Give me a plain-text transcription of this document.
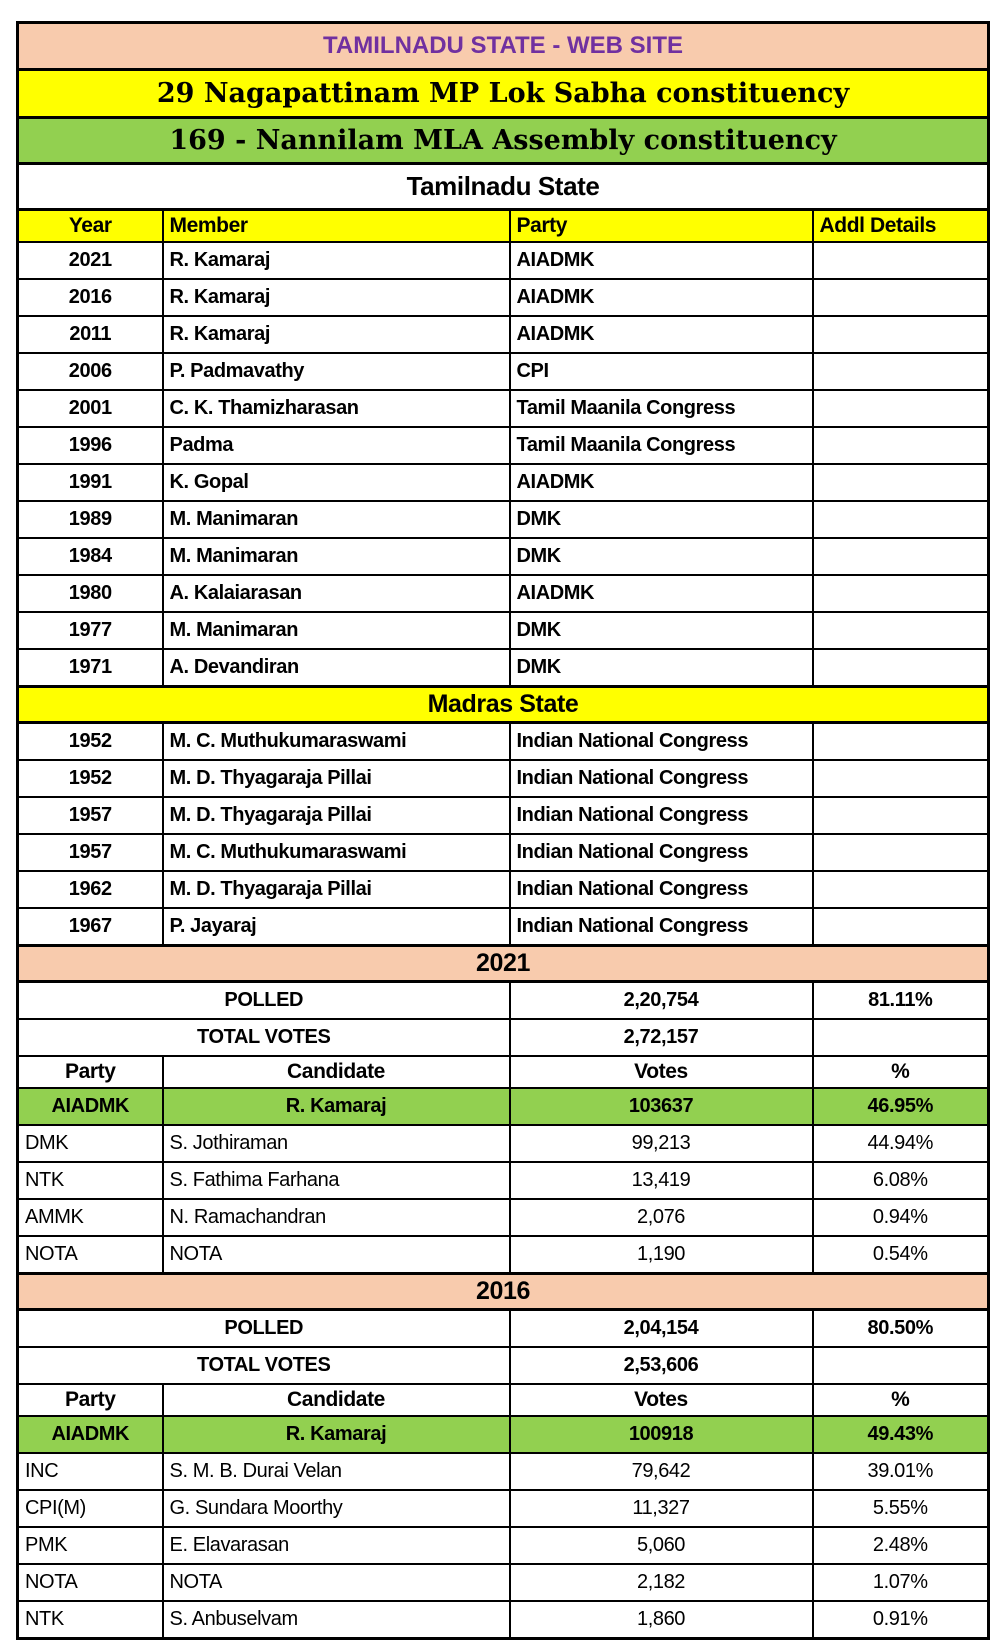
TAMILNADU STATE - WEB SITE			
29 Nagapattinam MP Lok Sabha constituency			
169 - Nannilam MLA Assembly constituency			
Tamilnadu State			
Year	Member	Party	Addl Details
2021	R. Kamaraj	AIADMK	
2016	R. Kamaraj	AIADMK	
2011	R. Kamaraj	AIADMK	
2006	P. Padmavathy	CPI	
2001	C. K. Thamizharasan	Tamil Maanila Congress	
1996	Padma	Tamil Maanila Congress	
1991	K. Gopal	AIADMK	
1989	M. Manimaran	DMK	
1984	M. Manimaran	DMK	
1980	A. Kalaiarasan	AIADMK	
1977	M. Manimaran	DMK	
1971	A. Devandiran	DMK	
Madras State			
1952	M. C. Muthukumaraswami	Indian National Congress	
1952	M. D. Thyagaraja Pillai	Indian National Congress	
1957	M. D. Thyagaraja Pillai	Indian National Congress	
1957	M. C. Muthukumaraswami	Indian National Congress	
1962	M. D. Thyagaraja Pillai	Indian National Congress	
1967	P. Jayaraj	Indian National Congress	
2021			
POLLED		2,20,754	81.11%
TOTAL VOTES		2,72,157	
Party	Candidate	Votes	%
AIADMK	R. Kamaraj	103637	46.95%
DMK	S. Jothiraman	99,213	44.94%
NTK	S. Fathima Farhana	13,419	6.08%
AMMK	N. Ramachandran	2,076	0.94%
NOTA	NOTA	1,190	0.54%
2016			
POLLED		2,04,154	80.50%
TOTAL VOTES		2,53,606	
Party	Candidate	Votes	%
AIADMK	R. Kamaraj	100918	49.43%
INC	S. M. B. Durai Velan	79,642	39.01%
CPI(M)	G. Sundara Moorthy	11,327	5.55%
PMK	E. Elavarasan	5,060	2.48%
NOTA	NOTA	2,182	1.07%
NTK	S. Anbuselvam	1,860	0.91%
